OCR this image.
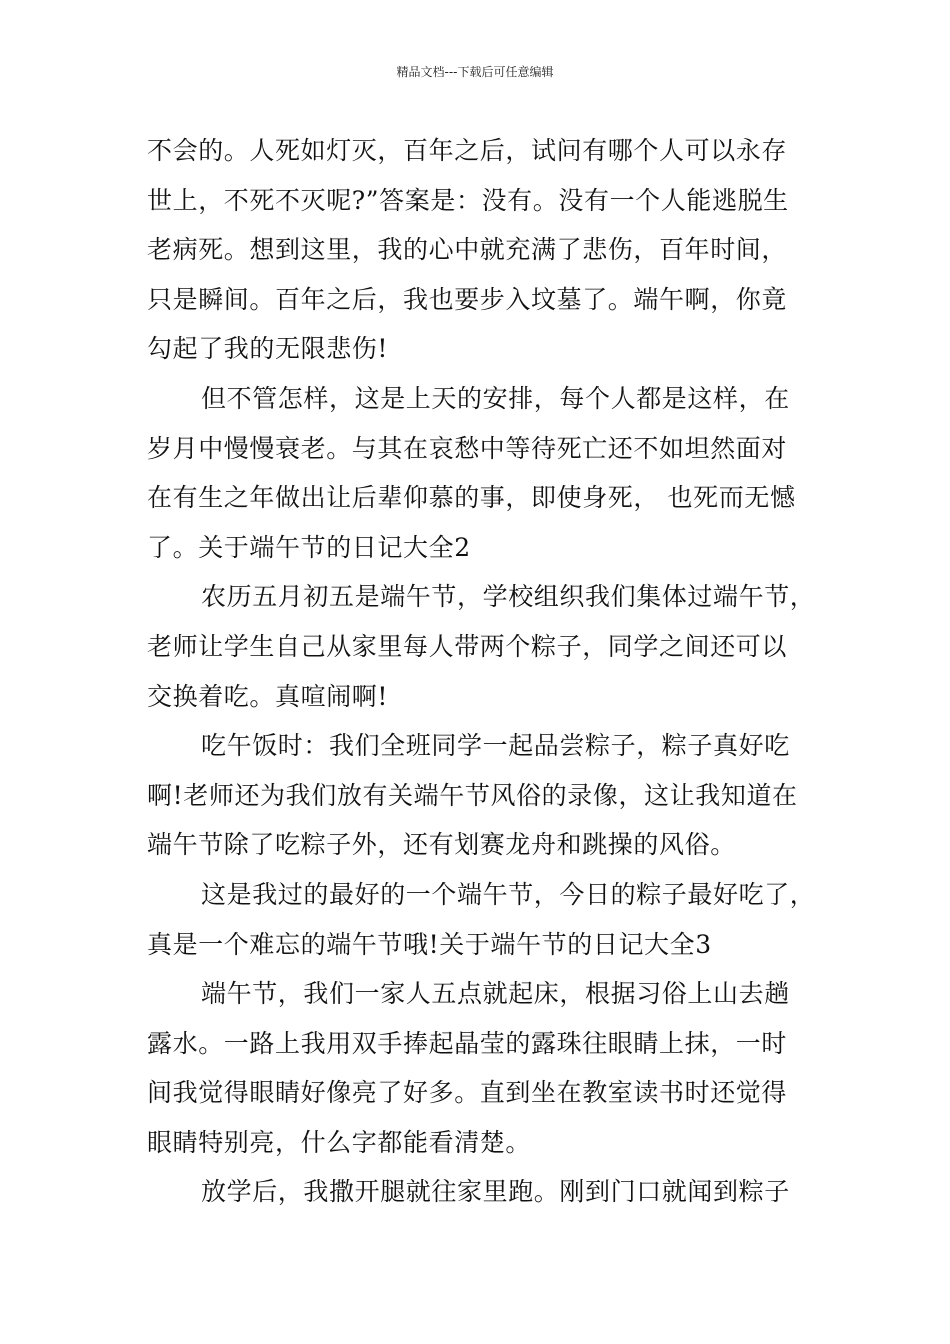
精品文档---下载后可任意编辑
不会的。人死如灯灭，百年之后，试问有哪个人可以永存
世上，不死不灭呢?”答案是：没有。没有一个人能逃脱生
老病死。想到这里，我的心中就充满了悲伤，百年时间，
只是瞬间。百年之后，我也要步入坟墓了。端午啊，你竟
勾起了我的无限悲伤!
但不管怎样，这是上天的安排，每个人都是这样，在
岁月中慢慢衰老。与其在哀愁中等待死亡还不如坦然面对
在有生之年做出让后辈仰慕的事，即使身死， 也死而无憾
了。关于端午节的日记大全2
农历五月初五是端午节，学校组织我们集体过端午节，
老师让学生自己从家里每人带两个粽子，同学之间还可以
交换着吃。真喧闹啊!
吃午饭时：我们全班同学一起品尝粽子，粽子真好吃
啊!老师还为我们放有关端午节风俗的录像，这让我知道在
端午节除了吃粽子外，还有划赛龙舟和跳操的风俗。
这是我过的最好的一个端午节，今日的粽子最好吃了，
真是一个难忘的端午节哦!关于端午节的日记大全3
端午节，我们一家人五点就起床，根据习俗上山去趟
露水。一路上我用双手捧起晶莹的露珠往眼睛上抹，一时
间我觉得眼睛好像亮了好多。直到坐在教室读书时还觉得
眼睛特别亮，什么字都能看清楚。
放学后，我撒开腿就往家里跑。刚到门口就闻到粽子
